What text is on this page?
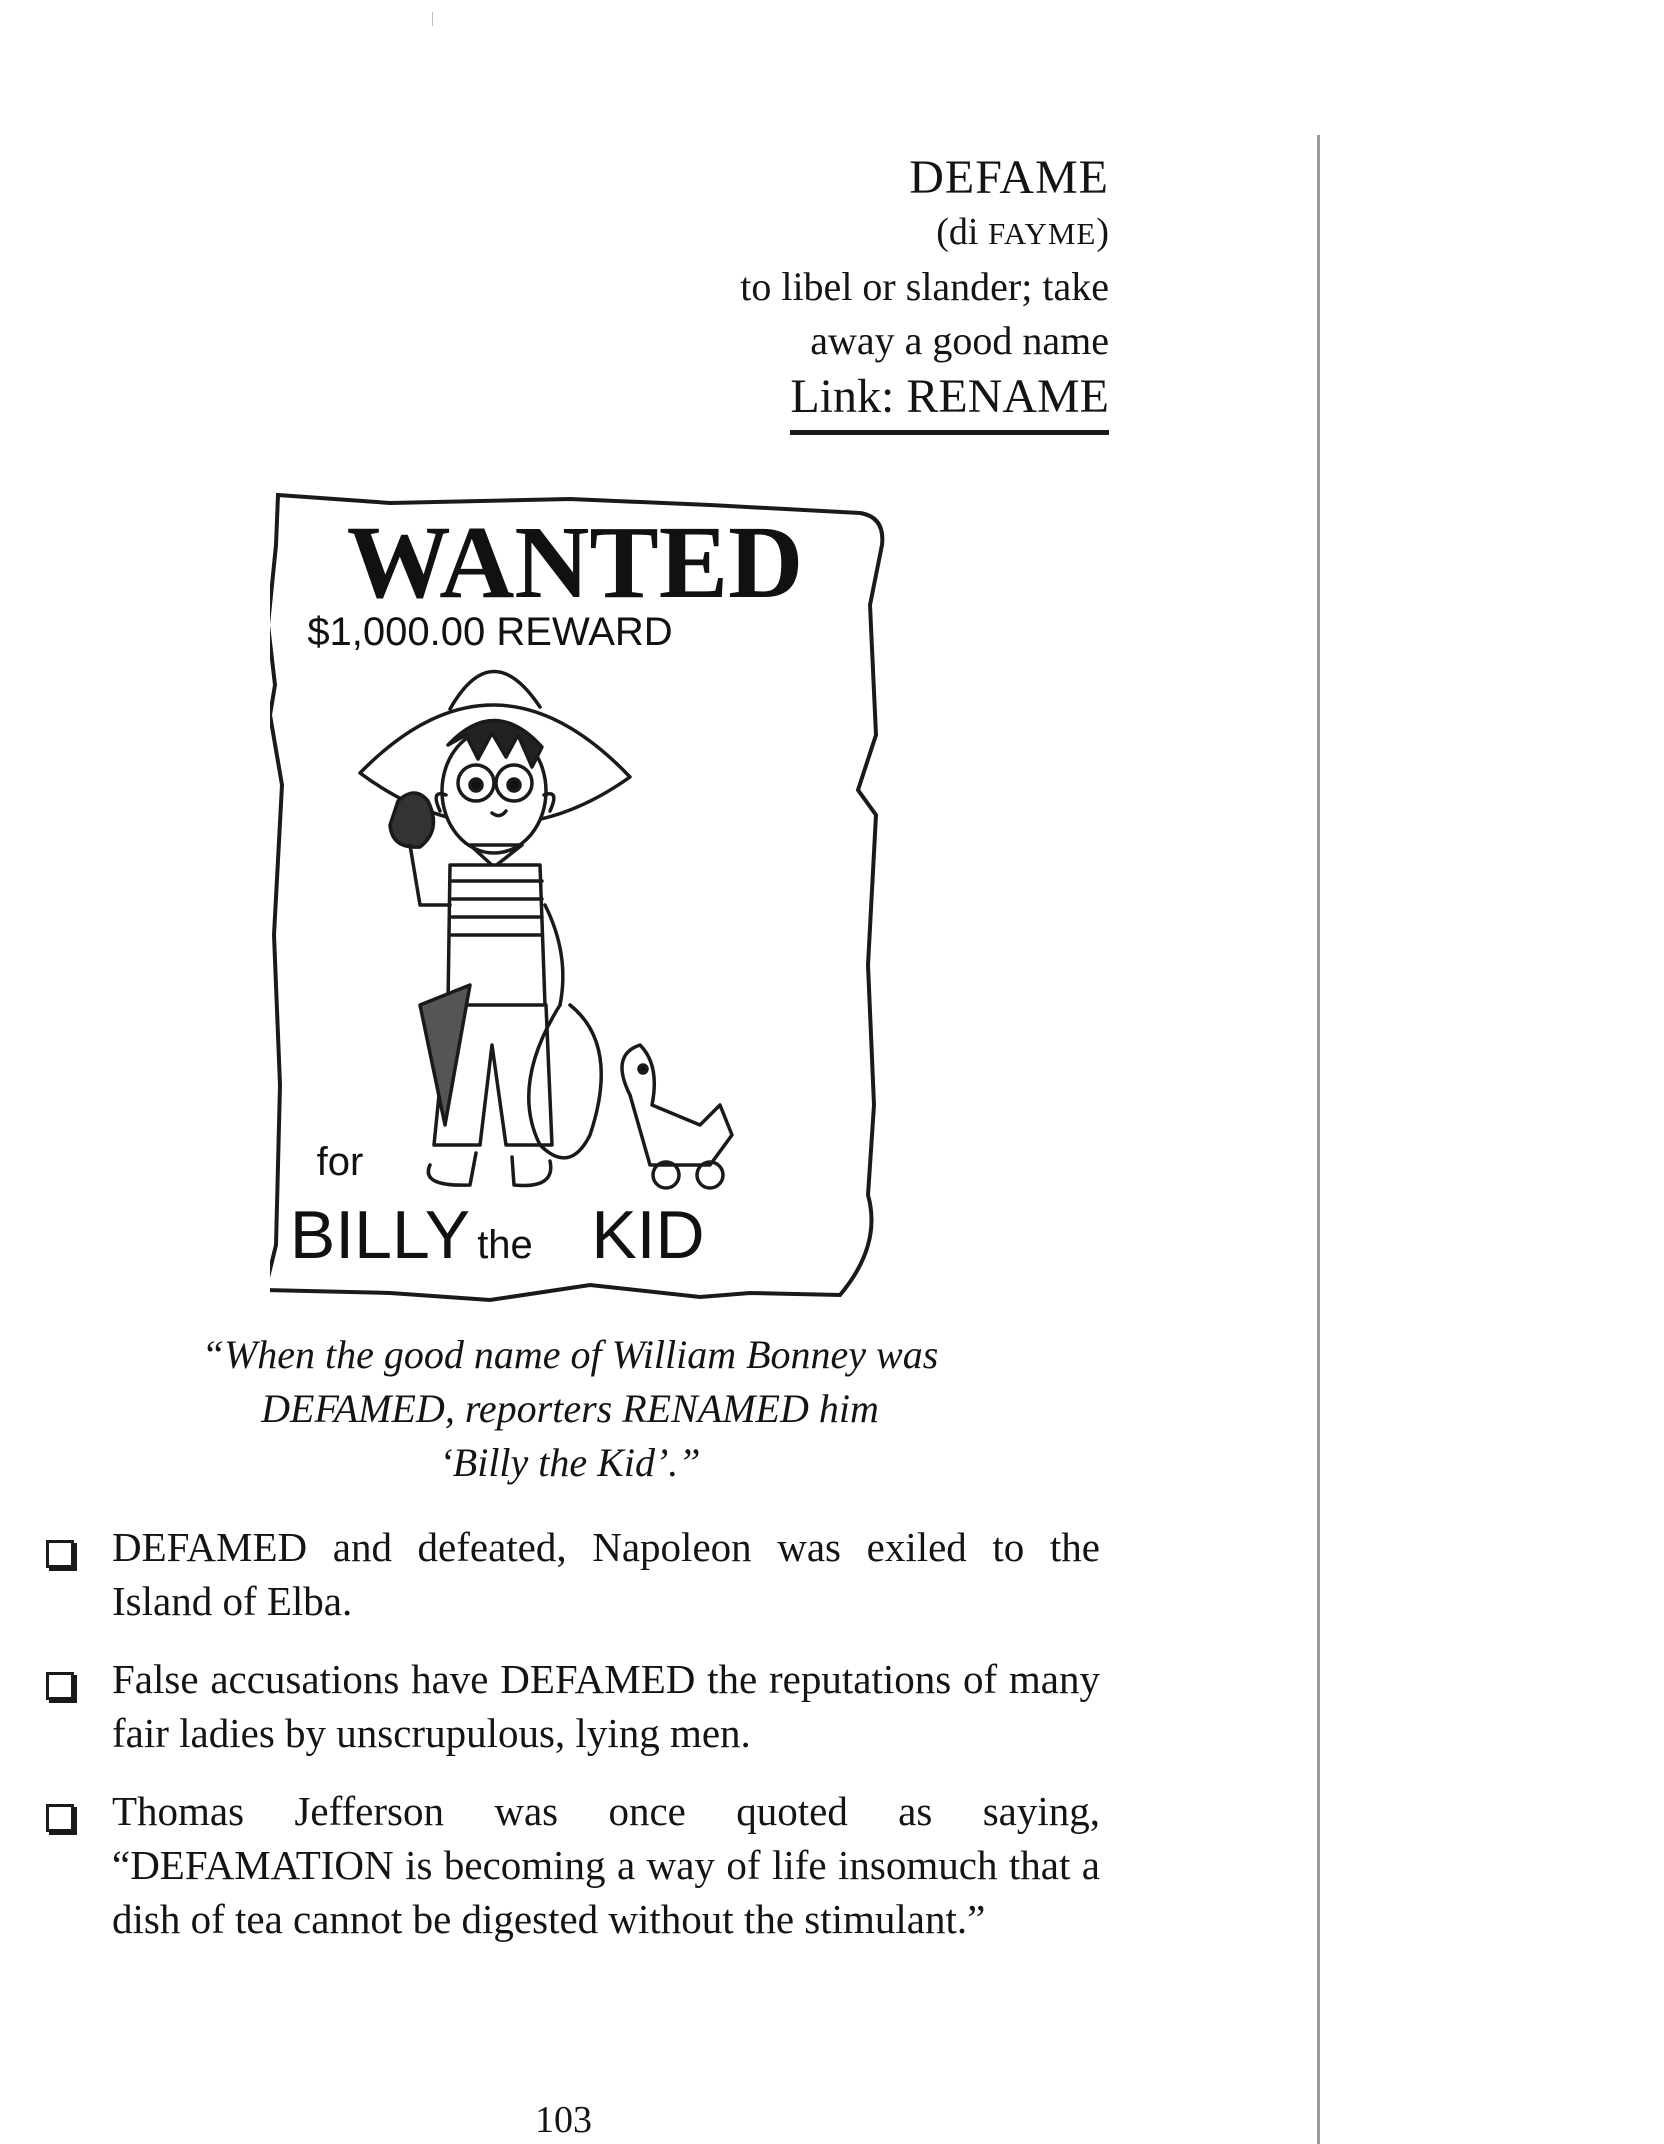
DEFAME
(di FAYME)
to libel or slander; take
away a good name
Link: RENAME
WANTED
$1,000.00 REWARD
for
BILLY the KID
“When the good name of William Bonney was
DEFAMED, reporters RENAMED him
‘Billy the Kid’.”
DEFAMED and defeated, Napoleon was exiled to the Island of Elba.
False accusations have DEFAMED the reputations of many fair ladies by unscrupulous, lying men.
Thomas Jefferson was once quoted as saying, “DEFAMATION is becoming a way of life insomuch that a dish of tea cannot be digested without the stimulant.”
103
